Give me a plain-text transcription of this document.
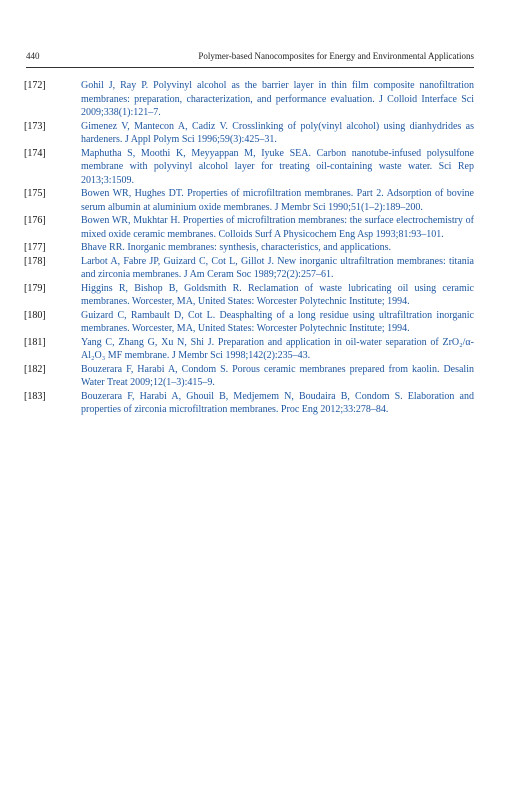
440	Polymer-based Nanocomposites for Energy and Environmental Applications
[172]	Gohil J, Ray P. Polyvinyl alcohol as the barrier layer in thin film composite nanofiltration membranes: preparation, characterization, and performance evaluation. J Colloid Interface Sci 2009;338(1):121–7.
[173]	Gimenez V, Mantecon A, Cadiz V. Crosslinking of poly(vinyl alcohol) using dianhydrides as hardeners. J Appl Polym Sci 1996;59(3):425–31.
[174]	Maphutha S, Moothi K, Meyyappan M, Iyuke SEA. Carbon nanotube-infused polysulfone membrane with polyvinyl alcohol layer for treating oil-containing waste water. Sci Rep 2013;3:1509.
[175]	Bowen WR, Hughes DT. Properties of microfiltration membranes. Part 2. Adsorption of bovine serum albumin at aluminium oxide membranes. J Membr Sci 1990;51(1–2):189–200.
[176]	Bowen WR, Mukhtar H. Properties of microfiltration membranes: the surface electrochemistry of mixed oxide ceramic membranes. Colloids Surf A Physicochem Eng Asp 1993;81:93–101.
[177]	Bhave RR. Inorganic membranes: synthesis, characteristics, and applications.
[178]	Larbot A, Fabre JP, Guizard C, Cot L, Gillot J. New inorganic ultrafiltration membranes: titania and zirconia membranes. J Am Ceram Soc 1989;72(2):257–61.
[179]	Higgins R, Bishop B, Goldsmith R. Reclamation of waste lubricating oil using ceramic membranes. Worcester, MA, United States: Worcester Polytechnic Institute; 1994.
[180]	Guizard C, Rambault D, Cot L. Deasphalting of a long residue using ultrafiltration inorganic membranes. Worcester, MA, United States: Worcester Polytechnic Institute; 1994.
[181]	Yang C, Zhang G, Xu N, Shi J. Preparation and application in oil-water separation of ZrO₂/α-Al₂O₃ MF membrane. J Membr Sci 1998;142(2):235–43.
[182]	Bouzerara F, Harabi A, Condom S. Porous ceramic membranes prepared from kaolin. Desalin Water Treat 2009;12(1–3):415–9.
[183]	Bouzerara F, Harabi A, Ghouil B, Medjemem N, Boudaira B, Condom S. Elaboration and properties of zirconia microfiltration membranes. Proc Eng 2012;33:278–84.
